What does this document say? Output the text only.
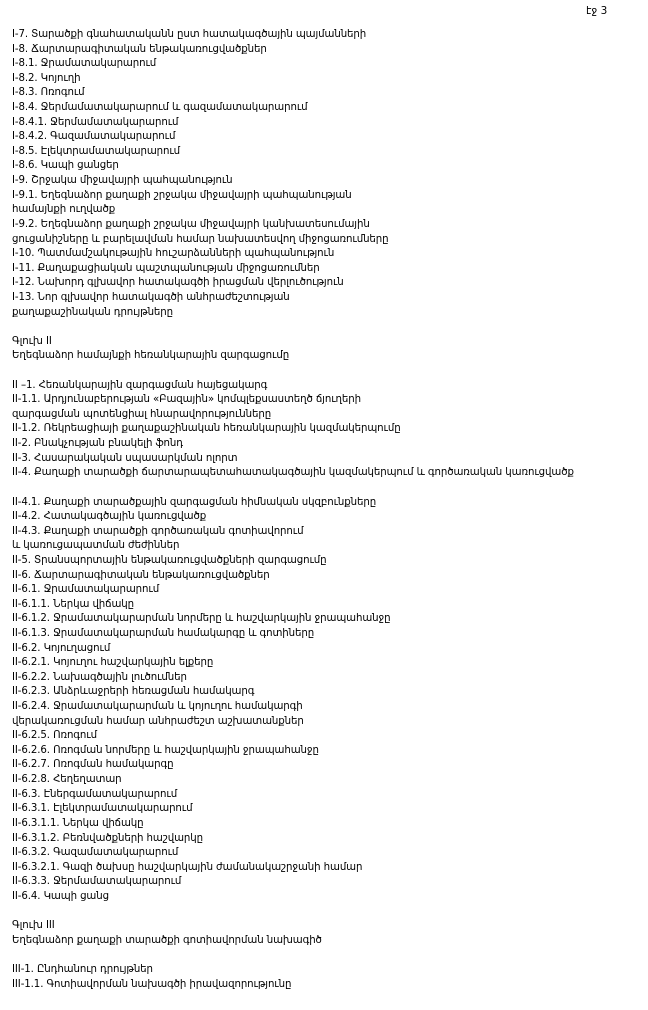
էջ 3
I-7. Տարածքի գնահատականն ըստ հատակագծային պայմանների
I-8. Ճարտարագիտական ենթակառուցվածքներ
I-8.1. Ջրամատակարարում
I-8.2. Կոյուղի
I-8.3. Ոռոգում
I-8.4. Ջերմամատակարարում և գազամատակարարում
I-8.4.1. Ջերմամատակարարում
I-8.4.2. Գազամատակարարում
I-8.5. Էլեկտրամատակարարում
I-8.6. Կապի ցանցեր
I-9. Շրջակա միջավայրի պահպանություն
I-9.1. Եղեգնաձոր քաղաքի շրջակա միջավայրի պահպանության
համայնքի ուղվածք
I-9.2. Եղեգնաձոր քաղաքի շրջակա միջավայրի կանխատեսումային
ցուցանիշները և բարելավման համար նախատեսվող միջոցառումները
I-10. Պատմամշակութային հուշարձանների պահպանություն
I-11. Քաղաքացիական պաշտպանության միջոցառումներ
I-12. Նախորդ գլխավոր հատակագծի իրացման վերլուծություն
I-13. Նոր գլխավոր հատակագծի անհրաժեշտության
քաղաքաշինական դրույթները
Գլուխ II
Եղեգնաձոր համայնքի հեռանկարային զարգացումը
II –1. Հեռանկարային զարգացման հայեցակարգ
II-1.1. Արդյունաբերության «Բազային» կոմպլեքսաստեղծ ճյուղերի
զարգացման պոտենցիալ հնարավորությունները
II-1.2. Ռեկրեացիայի քաղաքաշինական հեռանկարային կազմակերպումը
II-2. Բնակչության բնակելի ֆոնդ
II-3. Հասարակական սպասարկման ոլորտ
II-4. Քաղաքի տարածքի ճարտարապետահատակագծային կազմակերպում և գործառական կառուցվածք
II-4.1. Քաղաքի տարածքային զարգացման հիմնական սկզբունքները
II-4.2. Հատակագծային կառուցվածք
II-4.3. Քաղաքի տարածքի գործառական գոտիավորում
և կառուցապատման ժեժիններ
II-5. Տրանսպորտային ենթակառուցվածքների զարգացումը
II-6. Ճարտարագիտական ենթակառուցվածքներ
II-6.1. Ջրամատակարարում
II-6.1.1. Ներկա վիճակը
II-6.1.2. Ջրամատակարարման նորմերը և հաշվարկային ջրապահանջը
II-6.1.3. Ջրամատակարարման համակարգը և գոտիները
II-6.2. Կոյուղացում
II-6.2.1. Կոյուղու հաշվարկային ելքերը
II-6.2.2. Նախագծային լուծումներ
II-6.2.3. Անձրևաջրերի հեռացման համակարգ
II-6.2.4. Ջրամատակարարման և կոյուղու համակարգի
վերակառուցման համար անհրաժեշտ աշխատանքներ
II-6.2.5. Ոռոգում
II-6.2.6. Ոռոգման նորմերը և հաշվարկային ջրապահանջը
II-6.2.7. Ոռոգման համակարգը
II-6.2.8. Հեղեղատար
II-6.3. Էներգամատակարարում
II-6.3.1. Էլեկտրամատակարարում
II-6.3.1.1. Ներկա վիճակը
II-6.3.1.2. Բեռնվածքների հաշվարկը
II-6.3.2. Գազամատակարարում
II-6.3.2.1. Գազի ծախսը հաշվարկային ժամանակաշրջանի համար
II-6.3.3. Ջերմամատակարարում
II-6.4. Կապի ցանց
Գլուխ III
Եղեգնաձոր քաղաքի տարածքի գոտիավորման նախագիծ
III-1. Ընդհանուր դրույթներ
III-1.1. Գոտիավորման նախագծի իրավազորությունը
